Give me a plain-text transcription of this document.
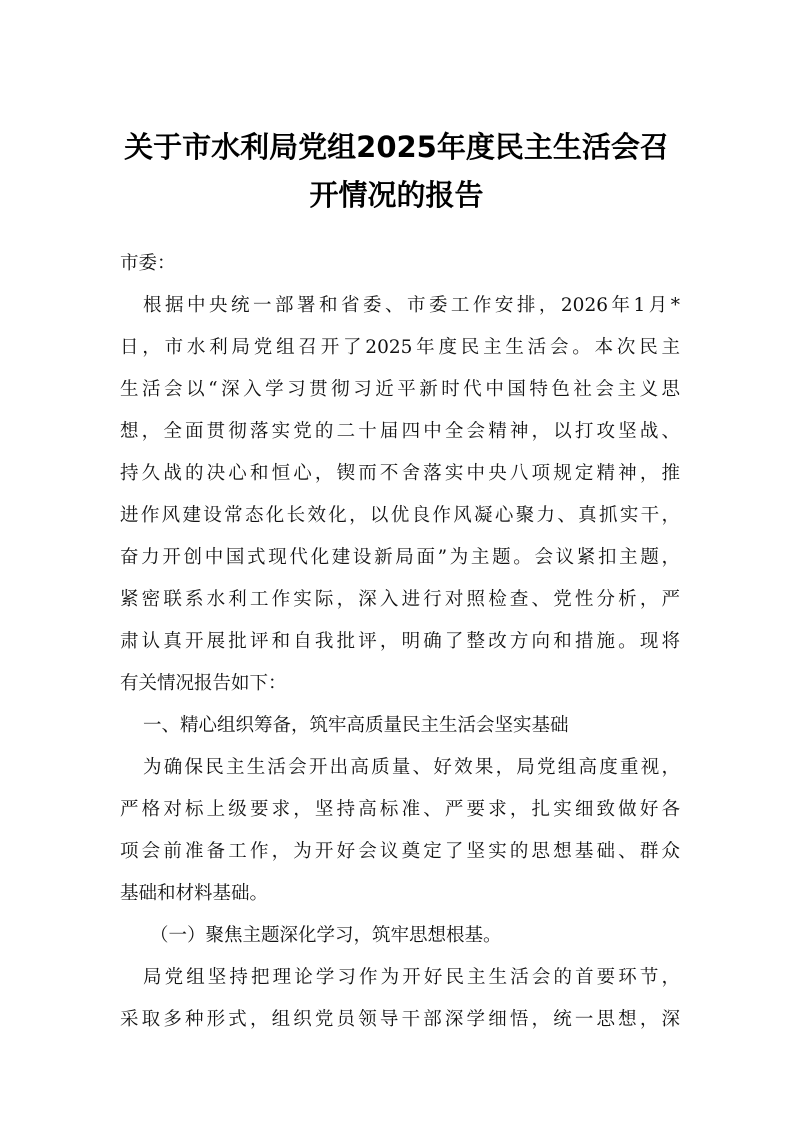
关于市水利局党组2025年度民主生活会召
开情况的报告
市委：
根据中央统一部署和省委、市委工作安排，2026年1月*
日，市水利局党组召开了2025年度民主生活会。本次民主
生活会以“深入学习贯彻习近平新时代中国特色社会主义思
想，全面贯彻落实党的二十届四中全会精神，以打攻坚战、
持久战的决心和恒心，锲而不舍落实中央八项规定精神，推
进作风建设常态化长效化，以优良作风凝心聚力、真抓实干，
奋力开创中国式现代化建设新局面”为主题。会议紧扣主题，
紧密联系水利工作实际，深入进行对照检查、党性分析，严
肃认真开展批评和自我批评，明确了整改方向和措施。现将
有关情况报告如下：
一、精心组织筹备，筑牢高质量民主生活会坚实基础
为确保民主生活会开出高质量、好效果，局党组高度重视，
严格对标上级要求，坚持高标准、严要求，扎实细致做好各
项会前准备工作，为开好会议奠定了坚实的思想基础、群众
基础和材料基础。
（一）聚焦主题深化学习，筑牢思想根基。
局党组坚持把理论学习作为开好民主生活会的首要环节，
采取多种形式，组织党员领导干部深学细悟，统一思想，深
